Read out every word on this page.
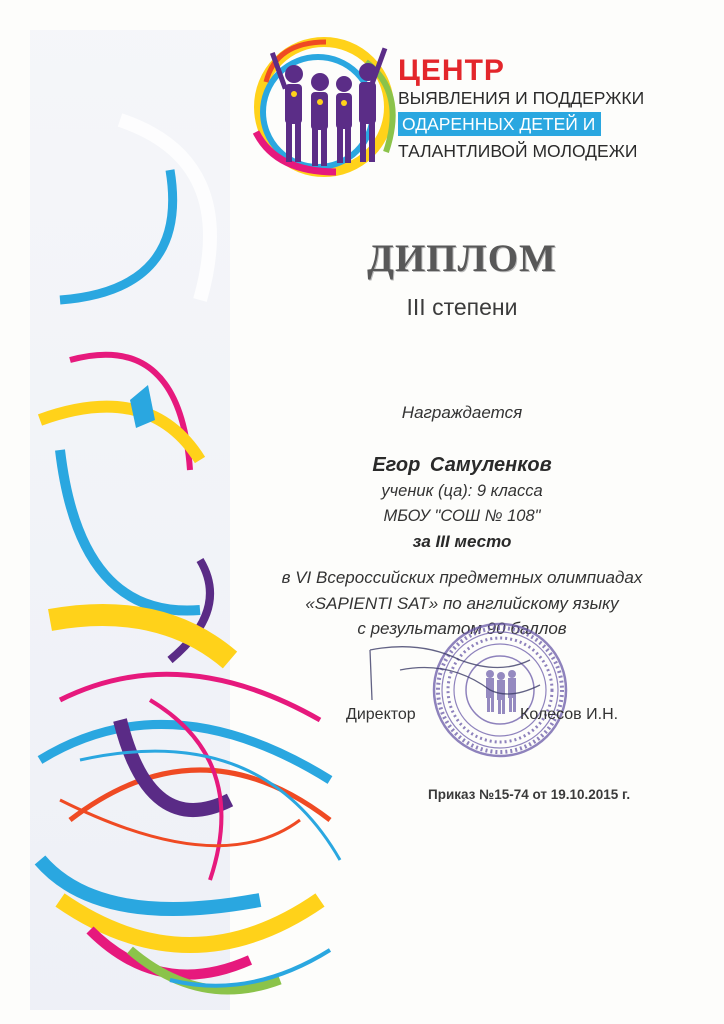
ЦЕНТР
ВЫЯВЛЕНИЯ И ПОДДЕРЖКИ
ОДАРЕННЫХ ДЕТЕЙ И
ТАЛАНТЛИВОЙ МОЛОДЕЖИ
ДИПЛОМ
III степени
Награждается
Егор Самуленков
ученик (ца): 9 класса
МБОУ "СОШ № 108"
за III место
в VI Всероссийских предметных олимпиадах
«SAPIENTI SAT» по английскому языку
с результатом 90 баллов
Директор	Колесов И.Н.
Приказ №15-74 от 19.10.2015 г.
